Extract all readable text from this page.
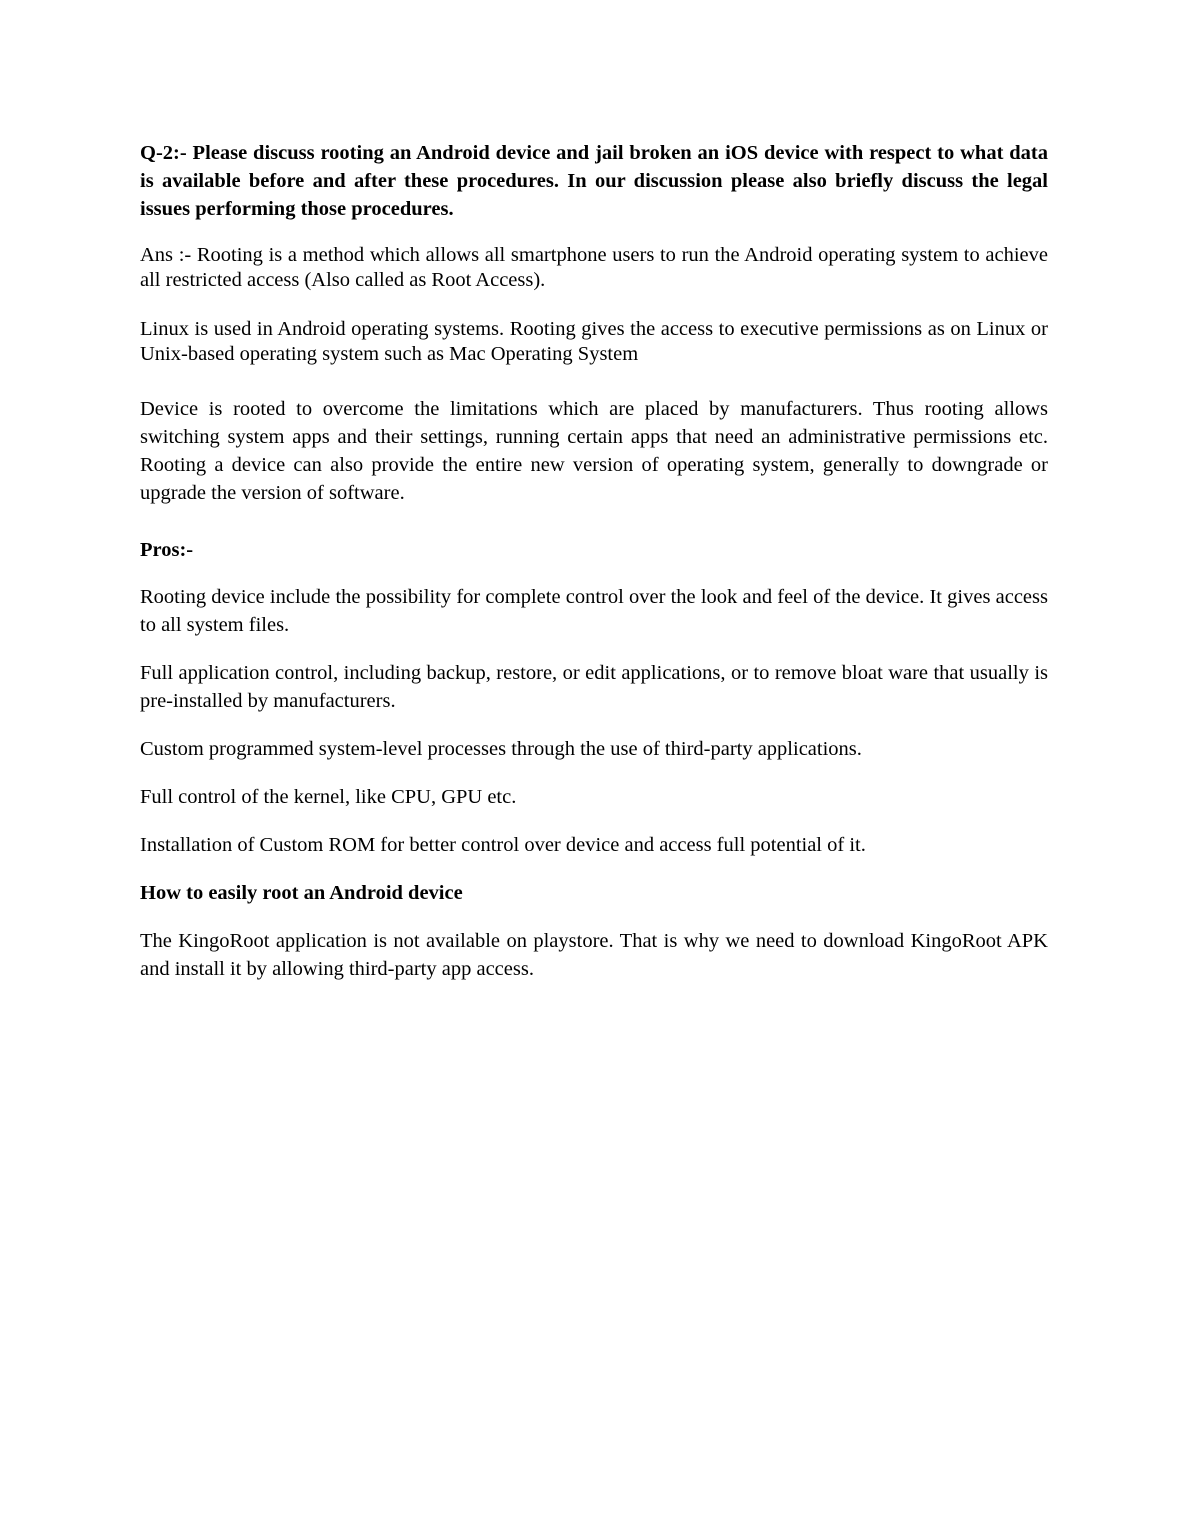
Q-2:- Please discuss rooting an Android device and jail broken an iOS device with respect to what data is available before and after these procedures. In our discussion please also briefly discuss the legal issues performing those procedures.

Ans :- Rooting is a method which allows all smartphone users to run the Android operating system to achieve all restricted access (Also called as Root Access).

Linux is used in Android operating systems. Rooting gives the access to executive permissions as on Linux or Unix-based operating system such as Mac Operating System

Device is rooted to overcome the limitations which are placed by manufacturers. Thus rooting allows switching system apps and their settings, running certain apps that need an administrative permissions etc. Rooting a device can also provide the entire new version of operating system, generally to downgrade or upgrade the version of software.

Pros:-

Rooting device include the possibility for complete control over the look and feel of the device. It gives access to all system files.

Full application control, including backup, restore, or edit applications, or to remove bloat ware that usually is pre-installed by manufacturers.

Custom programmed system-level processes through the use of third-party applications.

Full control of the kernel, like CPU, GPU etc.

Installation of Custom ROM for better control over device and access full potential of it.

How to easily root an Android device

The KingoRoot application is not available on playstore. That is why we need to download KingoRoot APK and install it by allowing third-party app access.
